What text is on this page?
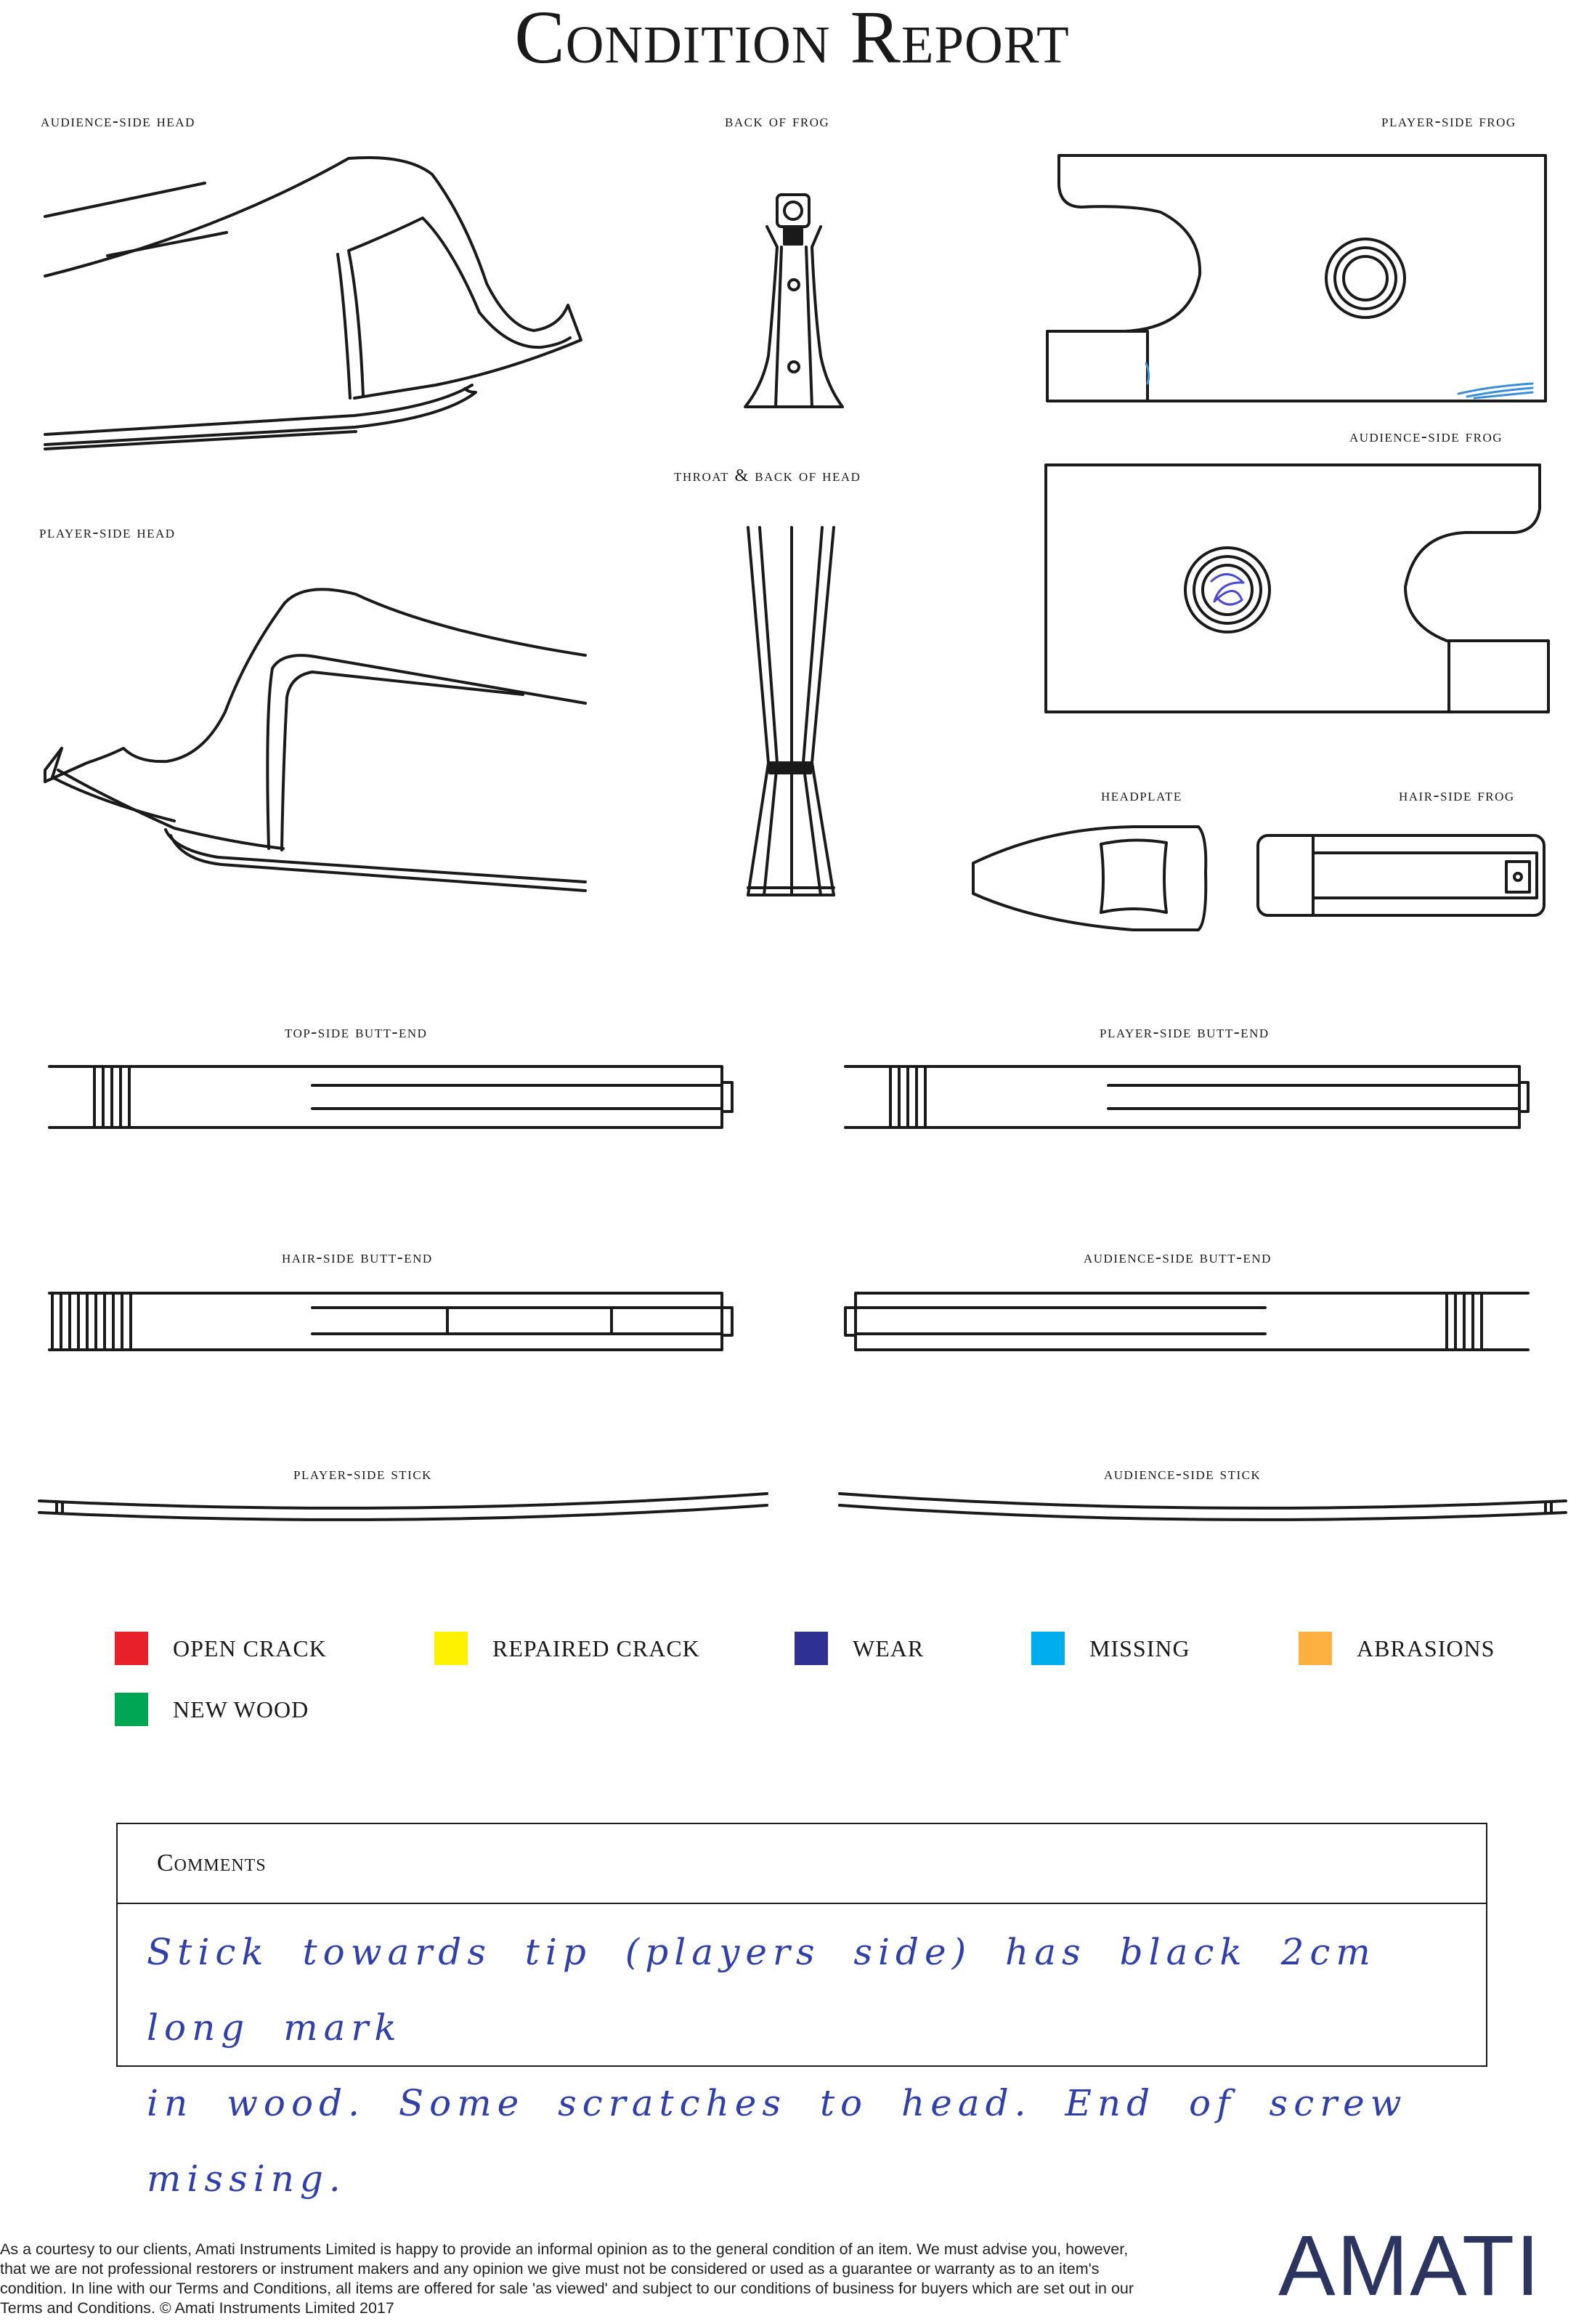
Condition Report
audience-side head	back of frog	player-side frog
audience-side frog
throat & back of head
player-side head
headplate	hair-side frog
top-side butt-end	player-side butt-end
hair-side butt-end	audience-side butt-end
player-side stick	audience-side stick
OPEN CRACK	REPAIRED CRACK	WEAR	MISSING	ABRASIONS
NEW WOOD
Comments
Stick towards tip (players side) has black 2cm long mark
in wood. Some scratches to head. End of screw missing.
As a courtesy to our clients, Amati Instruments Limited is happy to provide an informal opinion as to the general condition of an item. We must advise you, however, that we are not professional restorers or instrument makers and any opinion we give must not be considered or used as a guarantee or warranty as to an item's condition. In line with our Terms and Conditions, all items are offered for sale 'as viewed' and subject to our conditions of business for buyers which are set out in our Terms and Conditions. © Amati Instruments Limited 2017	AMATI
